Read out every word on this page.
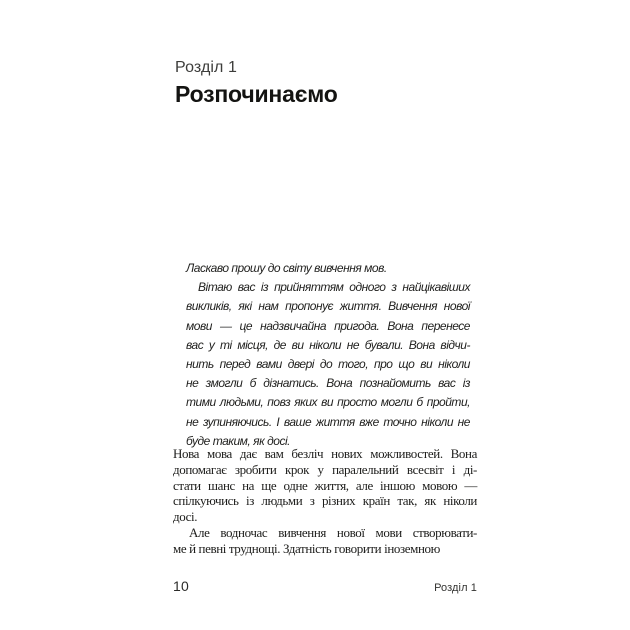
Розділ 1
Розпочинаємо
Ласкаво прошу до світу вивчення мов.
Вітаю вас із прийняттям одного з найцікавіших
викликів, які нам пропонує життя. Вивчення нової
мови — це надзвичайна пригода. Вона перенесе
вас у ті місця, де ви ніколи не бували. Вона відчи-
нить перед вами двері до того, про що ви ніколи
не змогли б дізнатись. Вона познайомить вас із
тими людьми, повз яких ви просто могли б пройти,
не зупиняючись. І ваше життя вже точно ніколи не
буде таким, як досі.
Нова мова дає вам безліч нових можливостей. Вона
допомагає зробити крок у паралельний всесвіт і ді-
стати шанс на ще одне життя, але іншою мовою —
спілкуючись із людьми з різних країн так, як ніколи
досі.
Але водночас вивчення нової мови створювати-
ме й певні труднощі. Здатність говорити іноземною
10	Розділ 1
